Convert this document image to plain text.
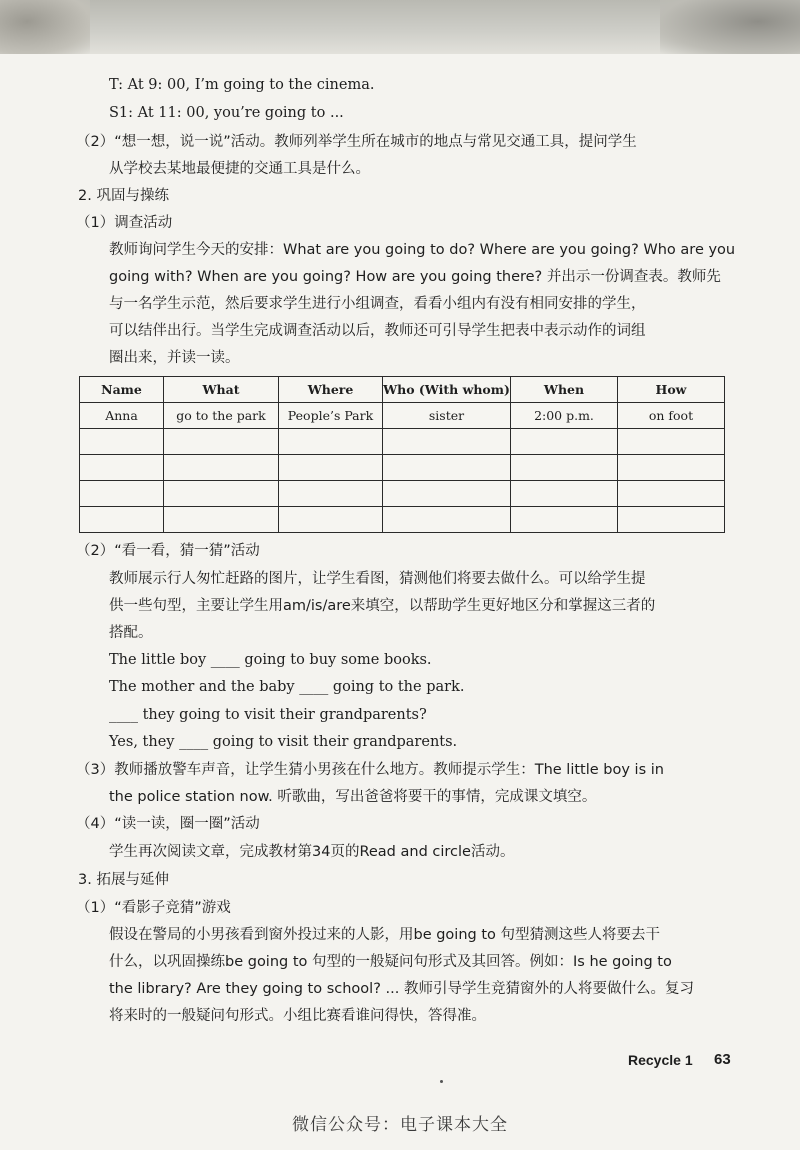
T: At 9: 00, I’m going to the cinema.
S1: At 11: 00, you’re going to ...
（2）“想一想，说一说”活动。教师列举学生所在城市的地点与常见交通工具，提问学生
从学校去某地最便捷的交通工具是什么。
2. 巩固与操练
（1）调查活动
教师询问学生今天的安排：What are you going to do? Where are you going? Who are you
going with? When are you going? How are you going there? 并出示一份调查表。教师先
与一名学生示范，然后要求学生进行小组调查，看看小组内有没有相同安排的学生，
可以结伴出行。当学生完成调查活动以后，教师还可引导学生把表中表示动作的词组
圈出来，并读一读。
Name	What	Where	Who (With whom)	When	How
Anna	go to the park	People’s Park	sister	2:00 p.m.	on foot

（2）“看一看，猜一猜”活动
教师展示行人匆忙赶路的图片，让学生看图，猜测他们将要去做什么。可以给学生提
供一些句型，主要让学生用am/is/are来填空，以帮助学生更好地区分和掌握这三者的
搭配。
The little boy ____ going to buy some books.
The mother and the baby ____ going to the park.
____ they going to visit their grandparents?
Yes, they ____ going to visit their grandparents.
（3）教师播放警车声音，让学生猜小男孩在什么地方。教师提示学生：The little boy is in
the police station now. 听歌曲，写出爸爸将要干的事情，完成课文填空。
（4）“读一读，圈一圈”活动
学生再次阅读文章，完成教材第34页的Read and circle活动。
3. 拓展与延伸
（1）“看影子竞猜”游戏
假设在警局的小男孩看到窗外投过来的人影，用be going to 句型猜测这些人将要去干
什么，以巩固操练be going to 句型的一般疑问句形式及其回答。例如：Is he going to
the library? Are they going to school? ... 教师引导学生竞猜窗外的人将要做什么。复习
将来时的一般疑问句形式。小组比赛看谁问得快，答得准。
Recycle 1 63
微信公众号：电子课本大全
